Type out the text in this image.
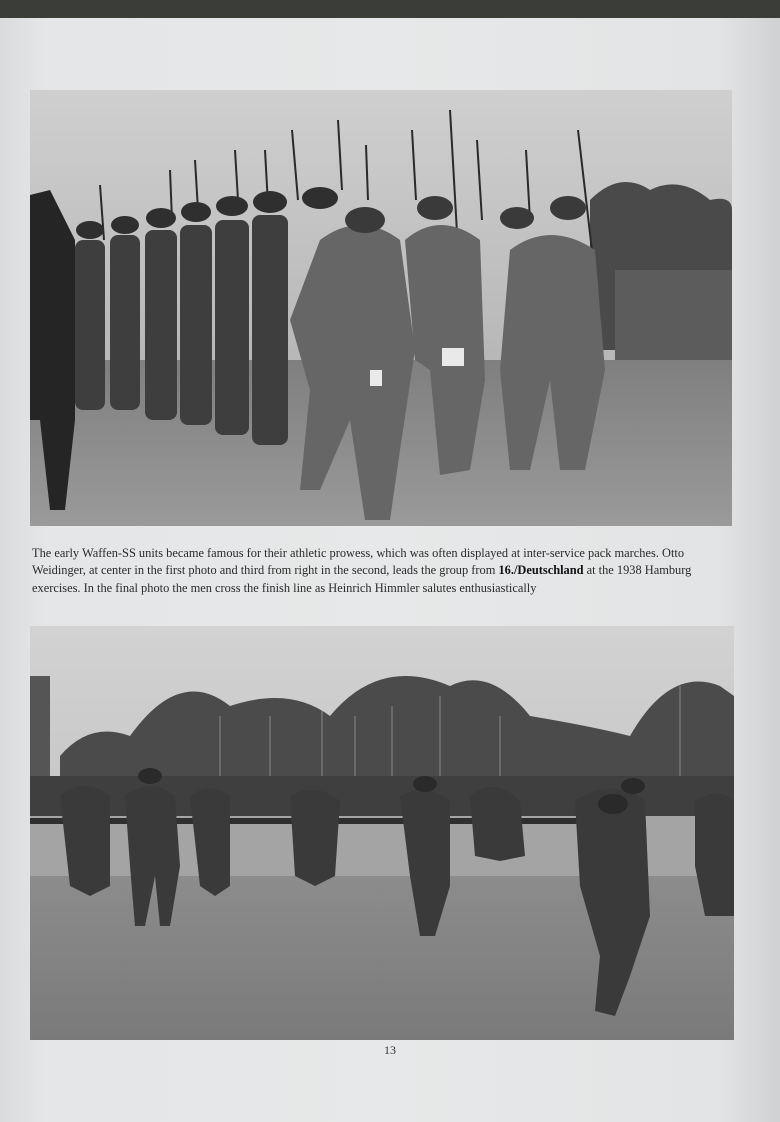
The early Waffen-SS units became famous for their athletic prowess, which was often displayed at inter-service pack marches. Otto Weidinger, at center in the first photo and third from right in the second, leads the group from 16./Deutschland at the 1938 Hamburg exercises. In the final photo the men cross the finish line as Heinrich Himmler salutes enthusiastically

13
